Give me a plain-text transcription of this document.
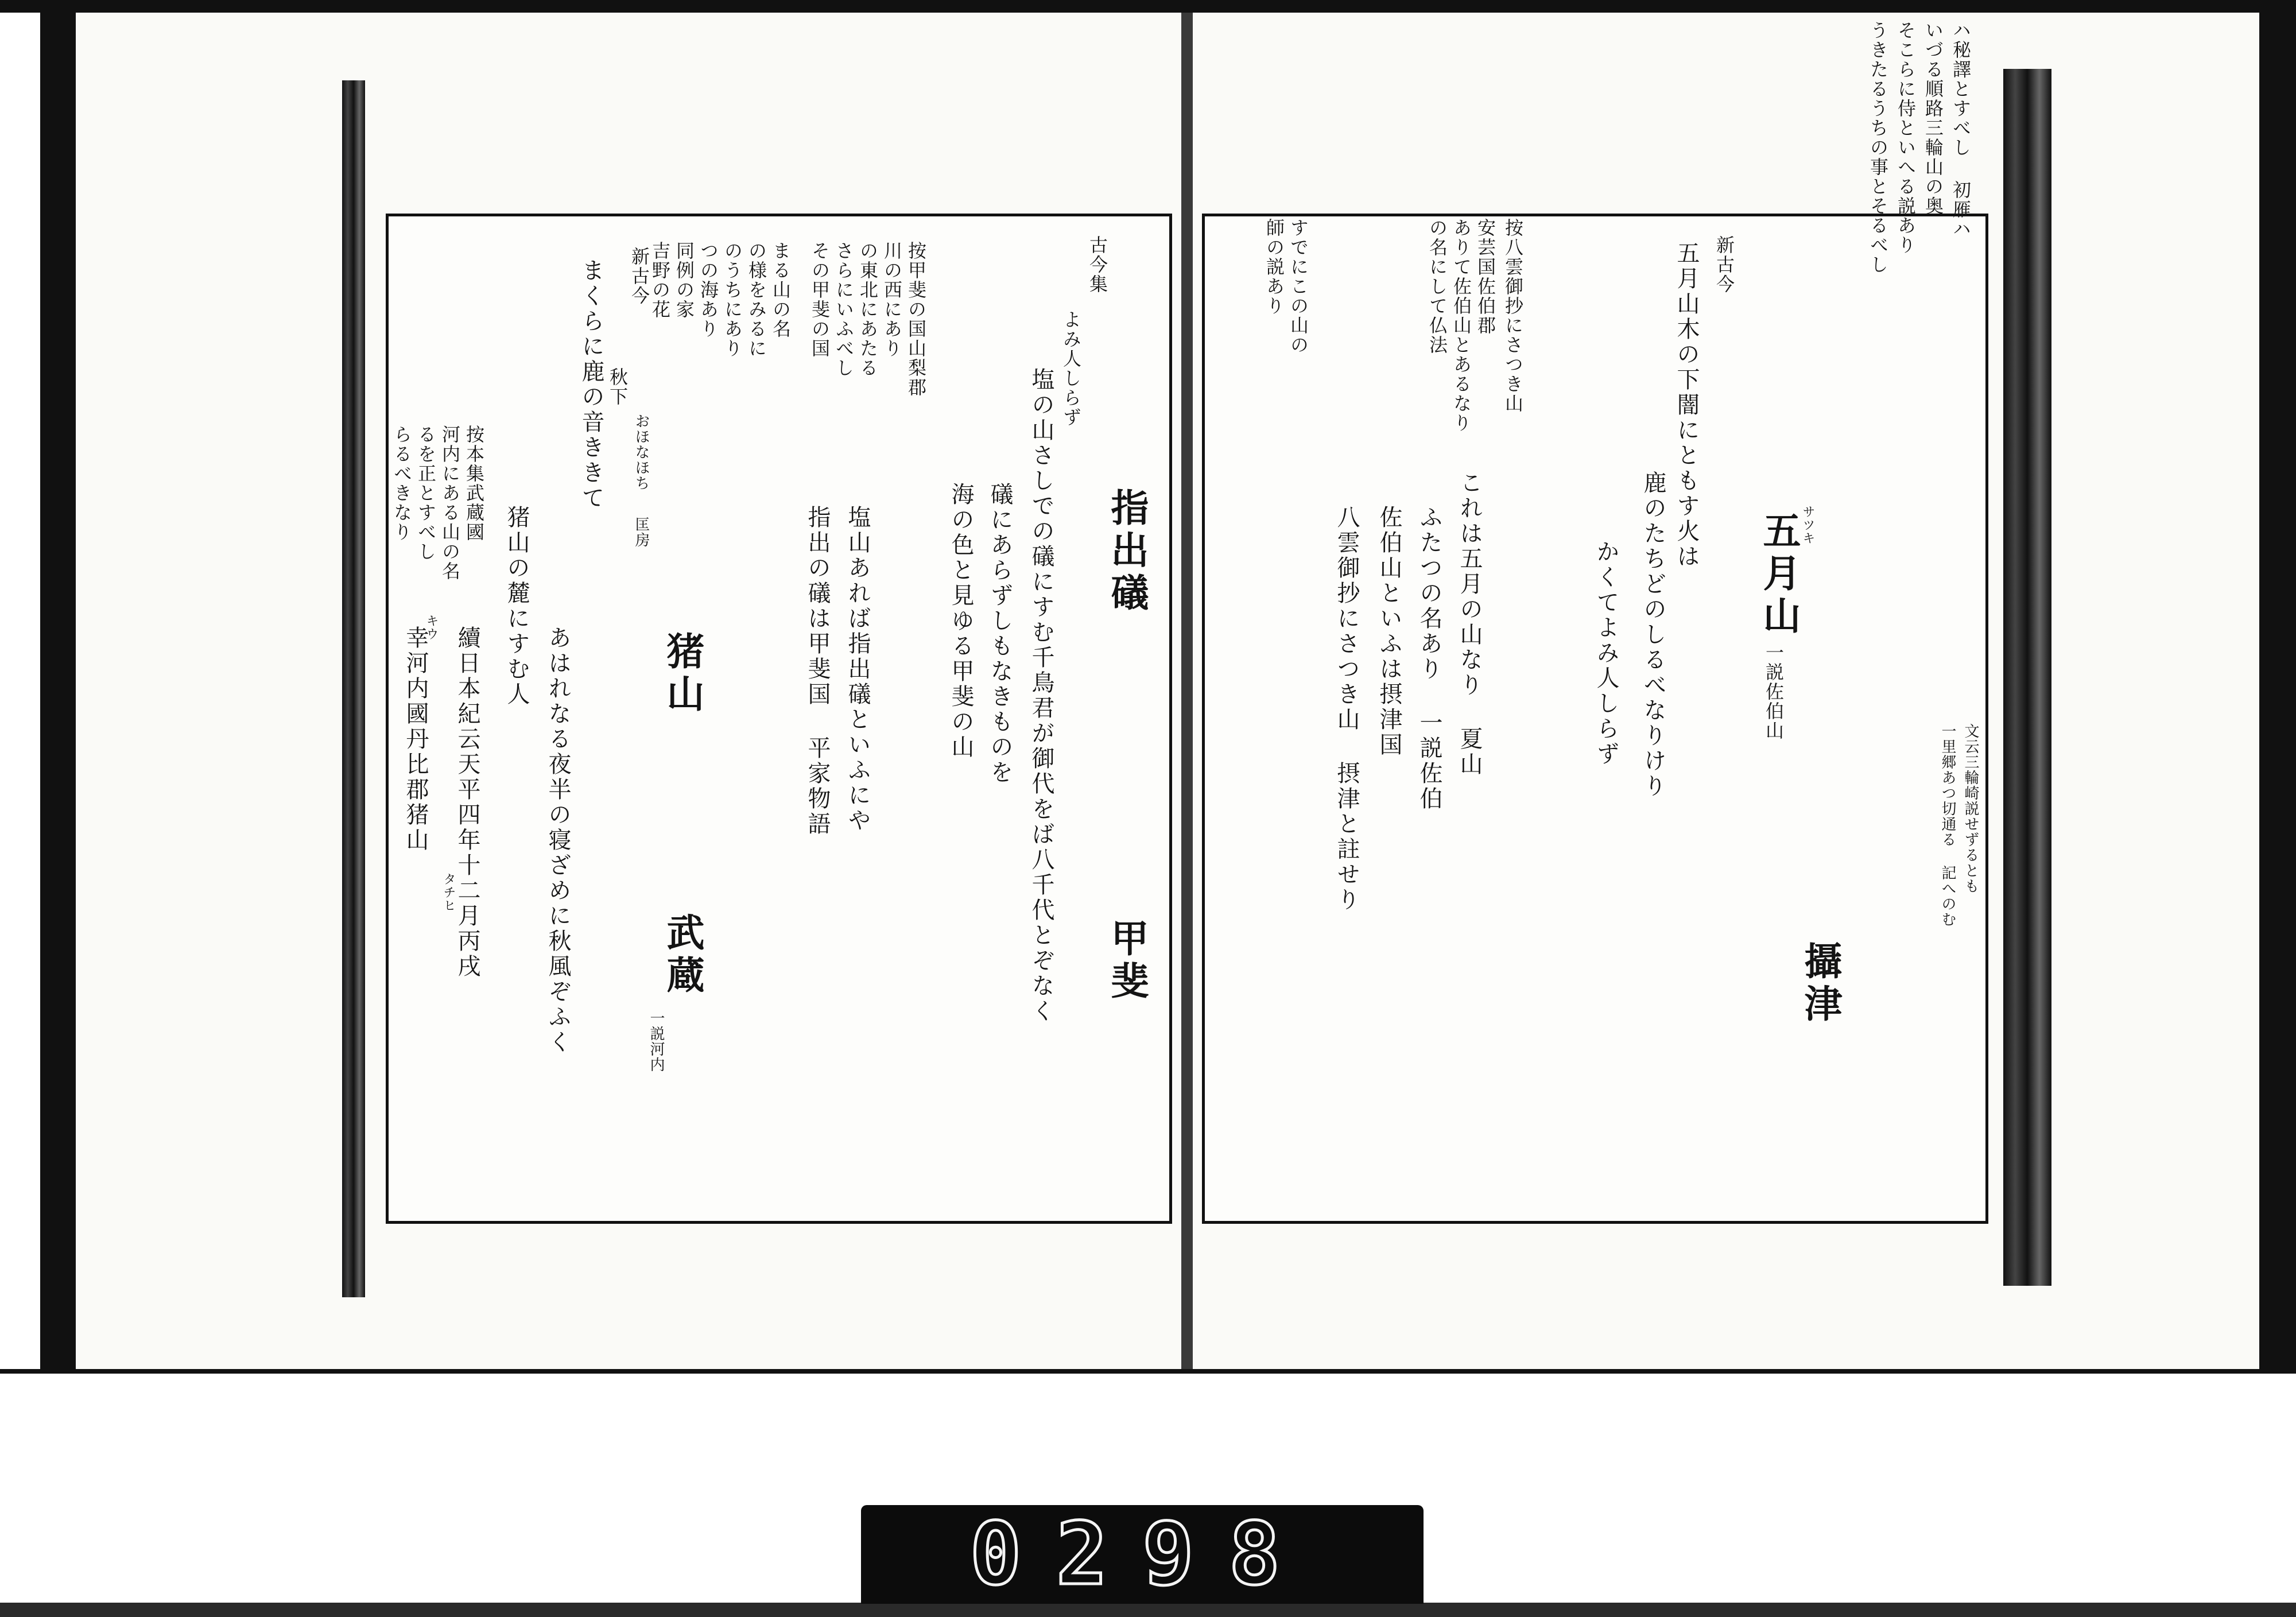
ハ秘譯とすべし 初雁ハ
いづる順路三輪山の奥
そこらに侍といへる説あり
うきたるうちの事とそるべし
五月山 サツキ
一説佐伯山
攝津
文云三輪崎説せずるとも
一里郷あつ切通る 記へのむ
新古今
五月山木の下闇にともす火は
鹿のたちどのしるべなりけり
かくてよみ人しらず
按八雲御抄にさつき山
これは五月の山なり 夏山
ふたつの名あり 一説佐伯
佐伯山といふは摂津国
八雲御抄にさつき山 摂津と註せり
安芸国佐伯郡
ありて佐伯山とあるなり
の名にして仏法
すでにこの山の
師の説あり
指出礒
甲斐
古今集
よみ人しらず
塩の山さしでの礒にすむ千鳥君が御代をば八千代とぞなく
礒にあらずしもなきものを
海の色と見ゆる甲斐の山
塩山あれば指出礒といふにや
指出の礒は甲斐国 平家物語
按甲斐の国山梨郡
川の西にあり
の東北にあたる
さらにいふべし
その甲斐の国
まる山の名
の様をみるに
のうちにあり
つの海あり
同例の家
吉野の花
猪山
武蔵
一説河内
新古今
秋下
おほなほち
匡房
まくらに鹿の音ききて
あはれなる夜半の寝ざめに秋風ぞふく
猪山の麓にすむ人
按本集武蔵國
河内にある山の名
るを正とすべし
らるべきなり
續日本紀云天平四年十二月丙戌
幸河内國丹比郡猪山
タチヒ
キウ
0298
